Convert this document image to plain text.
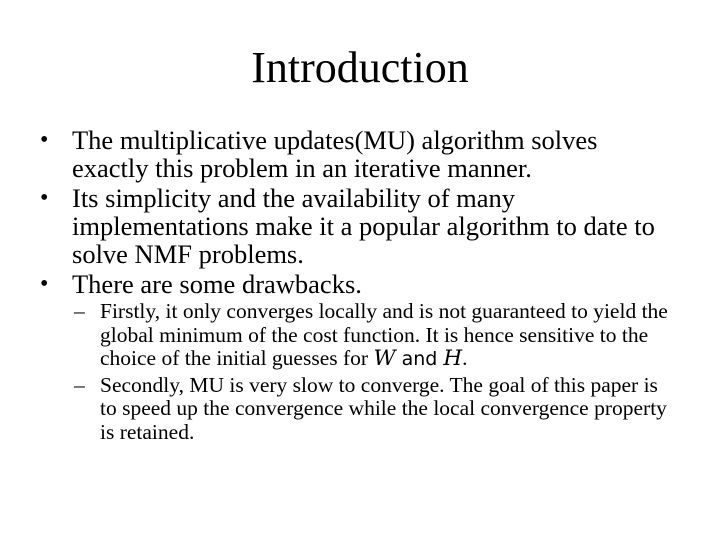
Introduction
• The multiplicative updates(MU) algorithm solves exactly this problem in an iterative manner.
• Its simplicity and the availability of many implementations make it a popular algorithm to date to solve NMF problems.
• There are some drawbacks.
– Firstly, it only converges locally and is not guaranteed to yield the global minimum of the cost function. It is hence sensitive to the choice of the initial guesses for W and H.
– Secondly, MU is very slow to converge. The goal of this paper is to speed up the convergence while the local convergence property is retained.
